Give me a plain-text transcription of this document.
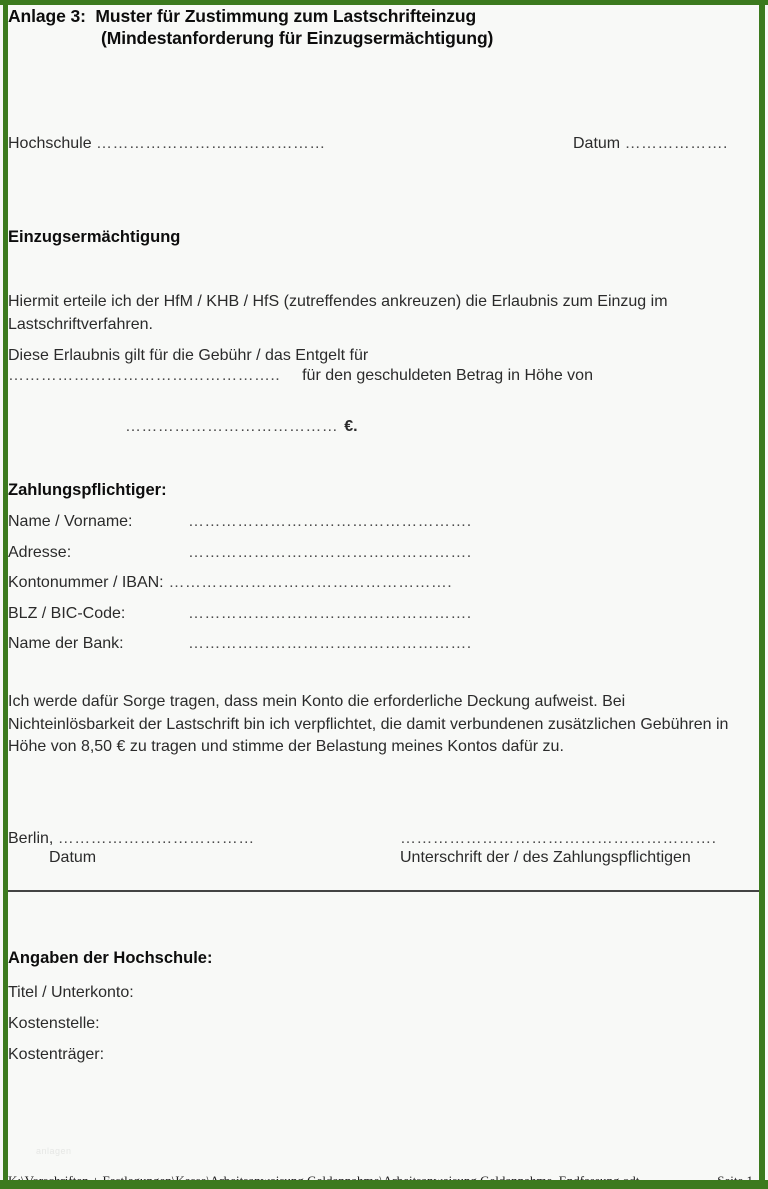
Anlage 3:  Muster für Zustimmung zum Lastschrifteinzug
(Mindestanforderung für Einzugsermächtigung)
Hochschule ……………………………………	Datum ……………….
Einzugsermächtigung
Hiermit erteile ich der HfM / KHB / HfS (zutreffendes ankreuzen) die Erlaubnis zum Einzug im Lastschriftverfahren.
Diese Erlaubnis gilt für die Gebühr / das Entgelt für
………………………………………….. für den geschuldeten Betrag in Höhe von
………………………………… €.
Zahlungspflichtiger:
Name / Vorname:	…………………………………………….
Adresse:	…………………………………………….
Kontonummer / IBAN: …………………………………………….
BLZ / BIC-Code:	…………………………………………….
Name der Bank:	…………………………………………….
Ich werde dafür Sorge tragen, dass mein Konto die erforderliche Deckung aufweist. Bei Nichteinlösbarkeit der Lastschrift bin ich verpflichtet, die damit verbundenen zusätzlichen Gebühren in Höhe von 8,50 € zu tragen und stimme der Belastung meines Kontos dafür zu.
Berlin, ………………………………	………………………………………………….
Datum	Unterschrift der / des Zahlungspflichtigen
Angaben der Hochschule:
Titel / Unterkonto:
Kostenstelle:
Kostenträger:
anlagen
